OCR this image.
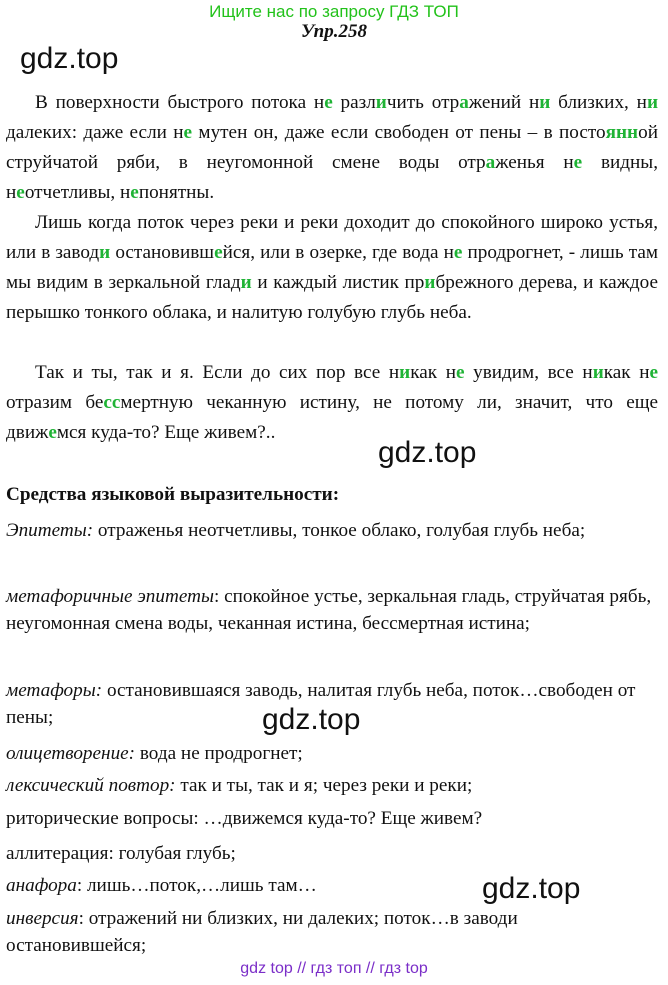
Ищите нас по запросу ГДЗ ТОП
Упр.258
gdz.top
gdz.top
gdz.top
gdz.top
В поверхности быстрого потока не различить отражений ни близких, ни далеких: даже если не мутен он, даже если свободен от пены – в постоянной струйчатой ряби, в неугомонной смене воды отраженья не видны, неотчетливы, непонятны.
Лишь когда поток через реки и реки доходит до спокойного широко устья, или в заводи остановившейся, или в озерке, где вода не продрогнет, - лишь там мы видим в зеркальной глади и каждый листик прибрежного дерева, и каждое перышко тонкого облака, и налитую голубую глубь неба.
Так и ты, так и я. Если до сих пор все никак не увидим, все никак не отразим бессмертную чеканную истину, не потому ли, значит, что еще движемся куда-то? Еще живем?..
Средства языковой выразительности:
Эпитеты: отраженья неотчетливы, тонкое облако, голубая глубь неба;
метафоричные эпитеты: спокойное устье, зеркальная гладь, струйчатая рябь, неугомонная смена воды, чеканная истина, бессмертная истина;
метафоры: остановившаяся заводь, налитая глубь неба, поток…свободен от пены;
олицетворение: вода не продрогнет;
лексический повтор: так и ты, так и я; через реки и реки;
риторические вопросы: …движемся куда-то? Еще живем?
аллитерация: голубая глубь;
анафора: лишь…поток,…лишь там…
инверсия: отражений ни близких, ни далеких; поток…в заводи остановившейся;
gdz top // гдз топ // гдз top
